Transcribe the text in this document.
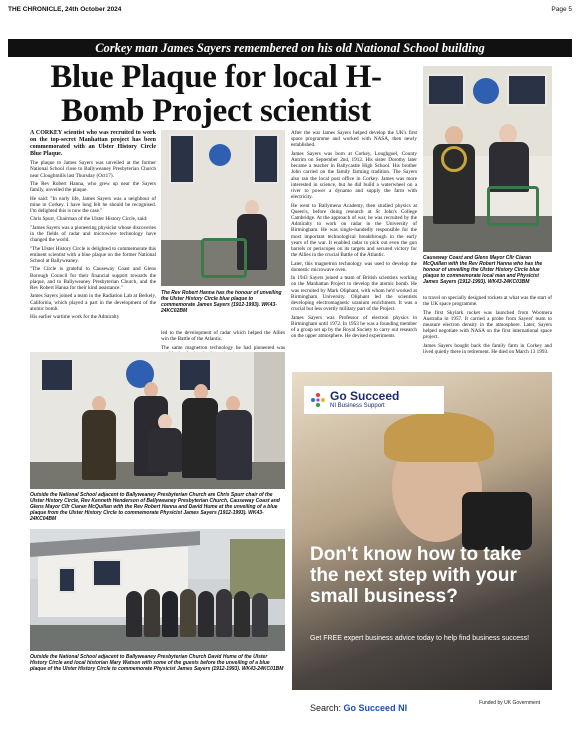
THE CHRONICLE, 24th October 2024	Page 5
Corkey man James Sayers remembered on his old National School building
Blue Plaque for local H-Bomb Project scientist
Causeway Coast and Glens Mayor Cllr Ciaran McQuillan with the Rev Robert Hanna who has the honour of unveiling the Ulster History Circle blue plaque to commemorate local man and Physicist James Sayers (1912-1993). WK43-24KC03BM

A CORKEY scientist who was recruited to work on the top-secret Manhattan project has been commemorated with an Ulster History Circle Blue Plaque.

The plaque to James Sayers was unveiled at the former National School close to Ballyweaney Presbyterian Church near Cloughmills last Thursday (Oct17).

The Rev Robert Hanna, who grew up near the Sayers family, unveiled the plaque.

He said: "In early life, James Sayers was a neighbour of mine in Corkey. I have long felt he should be recognised. I'm delighted this is now the case."

Chris Spurr, Chairman of the Ulster History Circle, said:

"James Sayers was a pioneering physicist whose discoveries in the fields of radar and microwave technology have changed the world.

"The Ulster History Circle is delighted to commemorate this eminent scientist with a blue plaque on the former National School at Ballyweaney.

"The Circle is grateful to Causeway Coast and Glens Borough Council for their financial support towards the plaque, and to Ballyweaney Presbyterian Church, and the Rev Robert Hanna for their kind assistance."

James Sayers joined a team in the Radiation Lab at Berkely, California, which played a part in the development of the atomic bomb.

His earlier wartime work for the Admiralty

The Rev Robert Hanna has the honour of unveiling the Ulster History Circle blue plaque to commemorate James Sayers (1912-1993). WK43-24KC02BM

led to the development of radar which helped the Allies win the Battle of the Atlantic.

The same magnetron technology he had pioneered was

After the war James Sayers helped develop the UK's first space programme and worked with NASA, then newly established.

James Sayers was born at Corkey, Loughguel, County Antrim on September 2nd, 1912. His sister Dorothy later became a teacher in Ballycastle High School. His brother John carried on the family farming tradition. The Sayers also ran the local post office in Corkey. James was more interested in science, but he did build a waterwheel on a river to power a dynamo and supply the farm with electricity.

He went to Ballymena Academy, then studied physics at Queen's, before doing research at St John's College Cambridge. At the approach of war, he was recruited by the Admiralty to work on radar in the University of Birmingham. He was single-handedly responsible for the most important technological breakthrough in the early years of the war. It enabled radar to pick out even the gun barrels or periscopes on its targets and secured victory for the Allies in the crucial Battle of the Atlantic.

Later, this magnetron technology was used to develop the domestic microwave oven.

In 1943 Sayers joined a team of British scientists working on the Manhattan Project to develop the atomic bomb. He was recruited by Mark Oliphant, with whom he'd worked at Birmingham University. Oliphant led the scientists developing electromagnetic uranium enrichment. It was a crucial but less overtly military part of the Project.

James Sayers was Professor of electron physics in Birmingham until 1972. In 1953 he was a founding member of a group set up by the Royal Society to carry out research on the upper atmosphere. He devised experiments

to travel on specially designed rockets at what was the start of the UK space programme.

The first Skylark rocket was launched from Woomera Australia in 1957. It carried a probe from Sayers' team to measure electron density in the atmosphere. Later, Sayers helped negotiate with NASA on the first international space project.

James Sayers bought back the family farm in Corkey and lived quietly there in retirement. He died on March 13 1993.

Outside the National School adjacent to Ballyweaney Presbyterian Church are Chris Spurr chair of the Ulster History Circle, Rev Kenneth Henderson of Ballyweaney Presbyterian Church, Causeway Coast and Glens Mayor Cllr Ciaran McQuillan with the Rev Robert Hanna and David Hume at the unveiling of a blue plaque from the Ulster History Circle to commemorate Physicist James Sayers (1912-1993). WK43-24KC04BM
Outside the National School adjacent to Ballyweaney Presbyterian Church David Hume of the Ulster History Circle and local historian Mary Watson with some of the guests before the unveiling of a blue plaque of the Ulster History Circle to commemorate Physicist James Sayers (1912-1993). WK43-24KC01BM
Go Succeed
NI Business Support
Don't know how to take the next step with your small business?
Get FREE expert business advice today to help find business success!
Search: Go Succeed NI	Funded by UK Government
